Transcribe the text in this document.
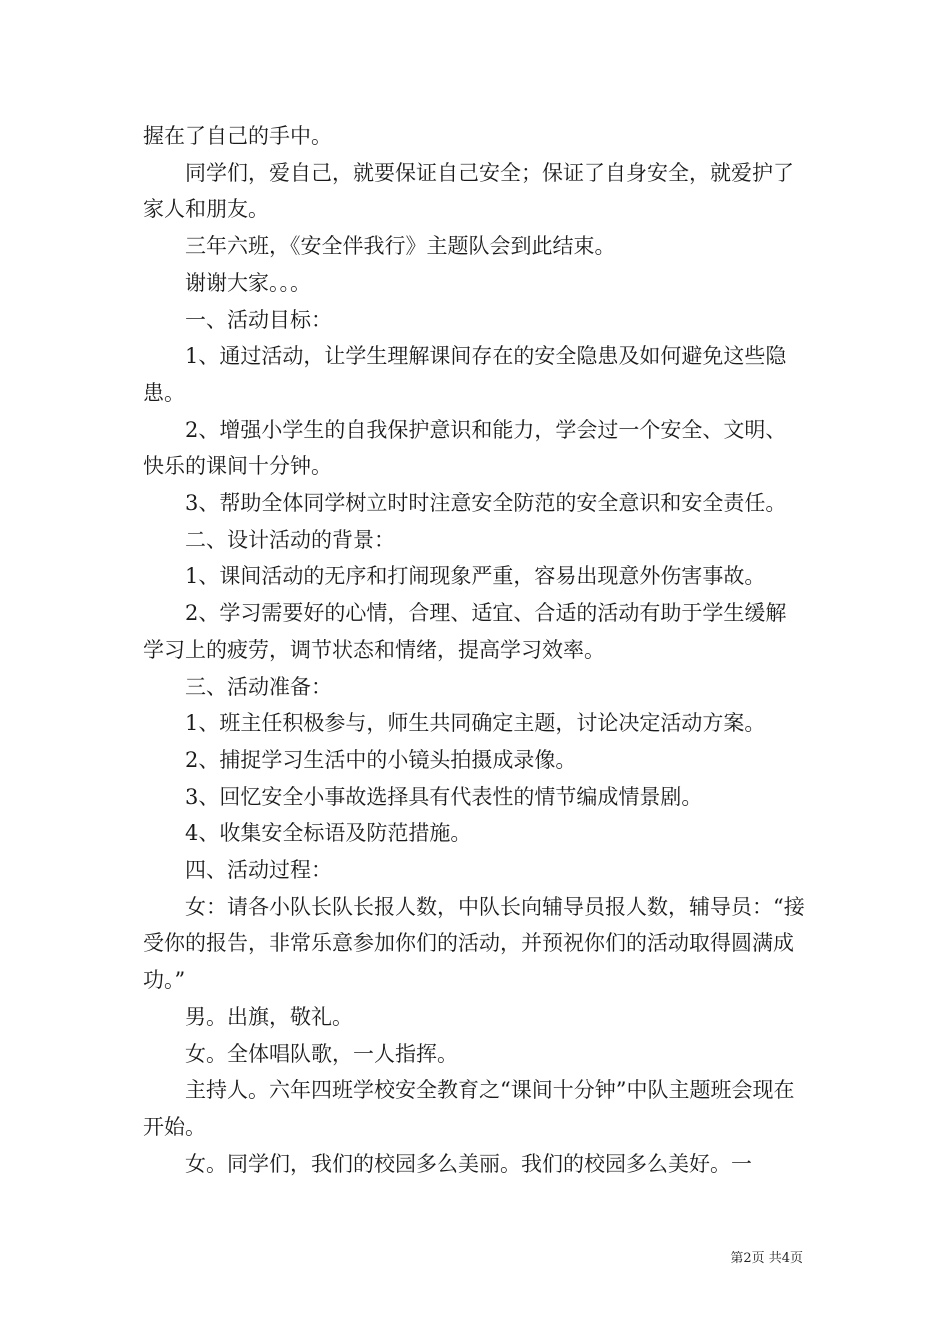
握在了自己的手中。

同学们，爱自己，就要保证自己安全；保证了自身安全，就爱护了家人和朋友。

三年六班，《安全伴我行》主题队会到此结束。

谢谢大家。。。

一、活动目标：

1、通过活动，让学生理解课间存在的安全隐患及如何避免这些隐患。

2、增强小学生的自我保护意识和能力，学会过一个安全、文明、快乐的课间十分钟。

3、帮助全体同学树立时时注意安全防范的安全意识和安全责任。

二、设计活动的背景：

1、课间活动的无序和打闹现象严重，容易出现意外伤害事故。

2、学习需要好的心情，合理、适宜、合适的活动有助于学生缓解学习上的疲劳，调节状态和情绪，提高学习效率。

三、活动准备：

1、班主任积极参与，师生共同确定主题，讨论决定活动方案。

2、捕捉学习生活中的小镜头拍摄成录像。

3、回忆安全小事故选择具有代表性的情节编成情景剧。

4、收集安全标语及防范措施。

四、活动过程：

女：请各小队长队长报人数，中队长向辅导员报人数，辅导员：“接受你的报告，非常乐意参加你们的活动，并预祝你们的活动取得圆满成功。”

男。出旗，敬礼。

女。全体唱队歌，一人指挥。

主持人。六年四班学校安全教育之“课间十分钟”中队主题班会现在开始。

女。同学们，我们的校园多么美丽。我们的校园多么美好。一

第2页 共4页
